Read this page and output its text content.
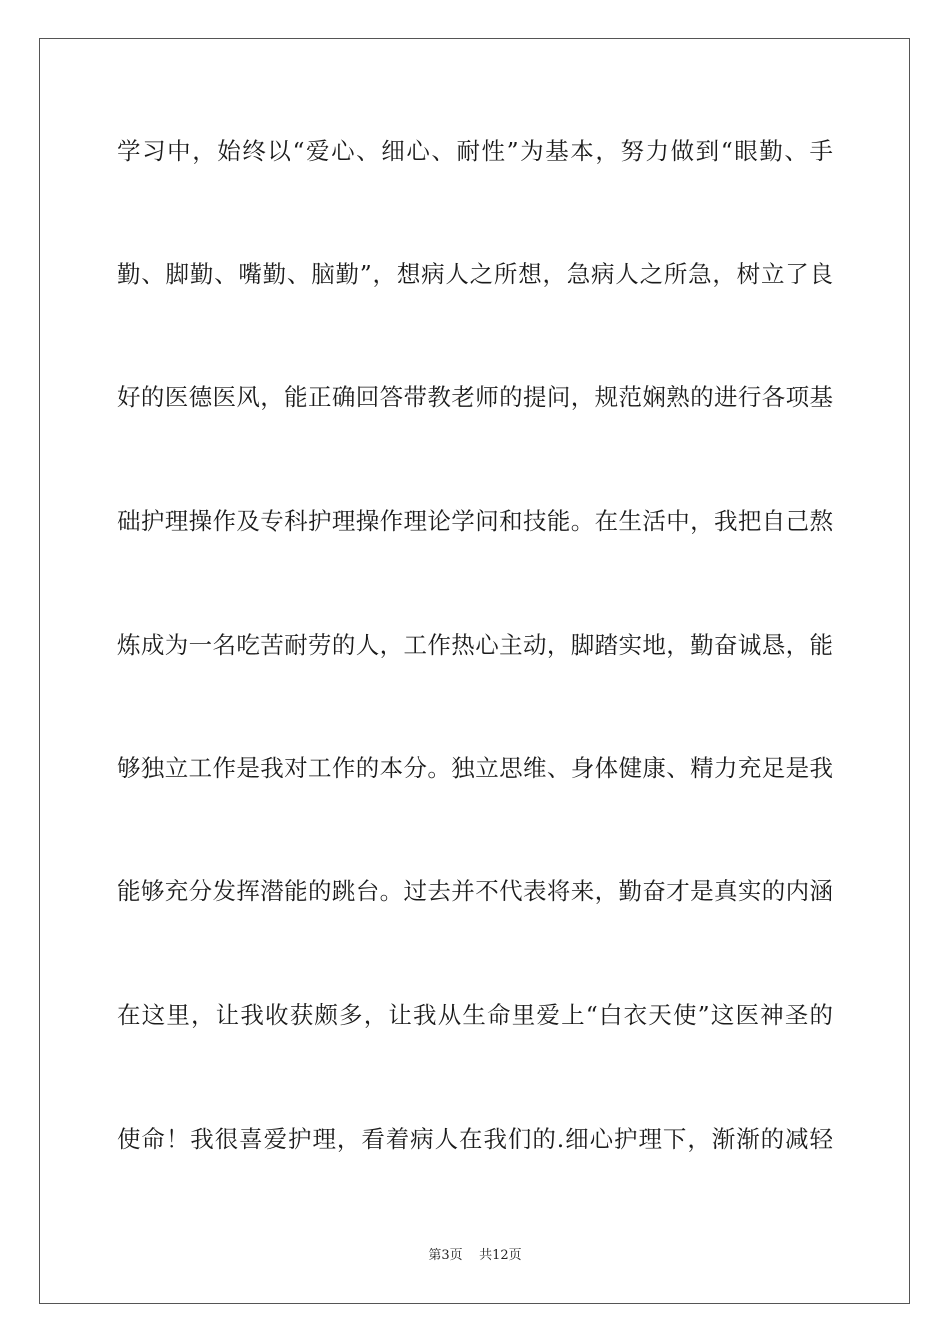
学习中，始终以“爱心、细心、耐性”为基本，努力做到“眼勤、手
勤、脚勤、嘴勤、脑勤”，想病人之所想，急病人之所急，树立了良
好的医德医风，能正确回答带教老师的提问，规范娴熟的进行各项基
础护理操作及专科护理操作理论学问和技能。在生活中，我把自己熬
炼成为一名吃苦耐劳的人，工作热心主动，脚踏实地，勤奋诚恳，能
够独立工作是我对工作的本分。独立思维、身体健康、精力充足是我
能够充分发挥潜能的跳台。过去并不代表将来，勤奋才是真实的内涵
在这里，让我收获颇多，让我从生命里爱上“白衣天使”这医神圣的
使命！我很喜爱护理，看着病人在我们的.细心护理下，渐渐的减轻
第3页 共12页
